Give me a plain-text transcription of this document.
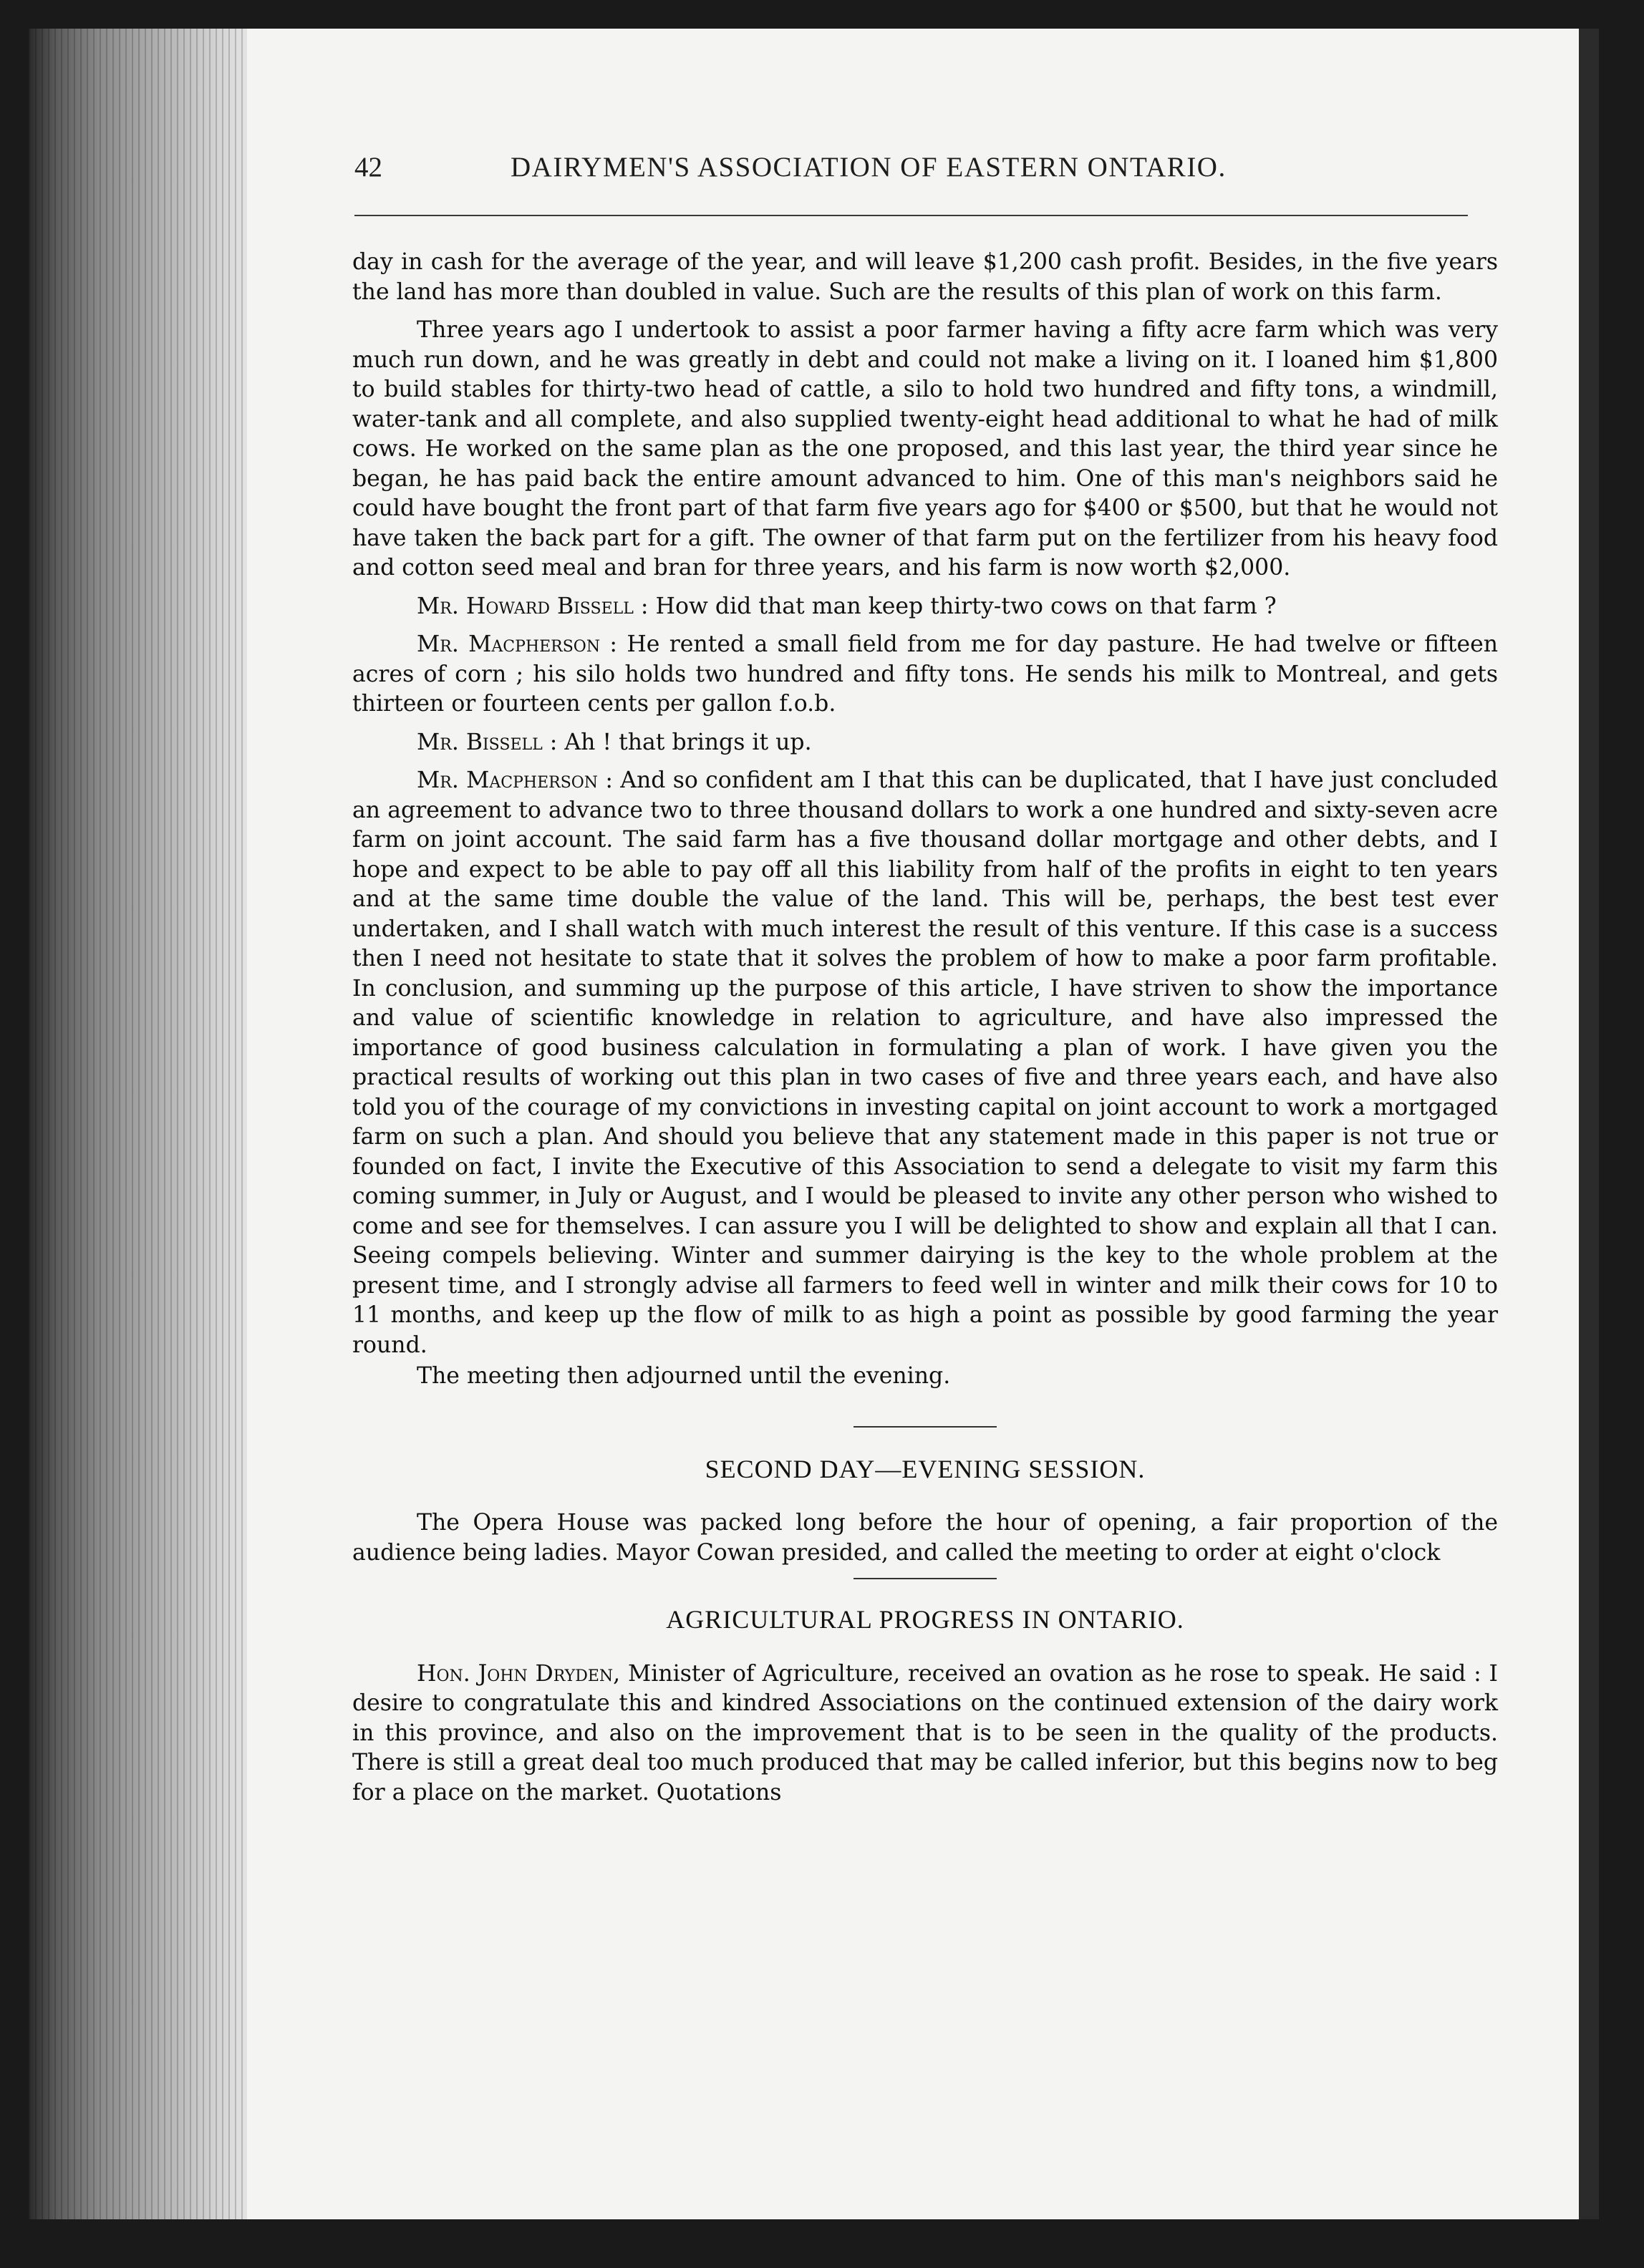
42	DAIRYMEN'S ASSOCIATION OF EASTERN ONTARIO.

day in cash for the average of the year, and will leave $1,200 cash profit. Besides, in the five years the land has more than doubled in value. Such are the results of this plan of work on this farm.

Three years ago I undertook to assist a poor farmer having a fifty acre farm which was very much run down, and he was greatly in debt and could not make a living on it. I loaned him $1,800 to build stables for thirty-two head of cattle, a silo to hold two hundred and fifty tons, a windmill, water-tank and all complete, and also supplied twenty-eight head additional to what he had of milk cows. He worked on the same plan as the one proposed, and this last year, the third year since he began, he has paid back the entire amount advanced to him. One of this man's neighbors said he could have bought the front part of that farm five years ago for $400 or $500, but that he would not have taken the back part for a gift. The owner of that farm put on the fertilizer from his heavy food and cotton seed meal and bran for three years, and his farm is now worth $2,000.

Mr. Howard Bissell : How did that man keep thirty-two cows on that farm ?

Mr. Macpherson : He rented a small field from me for day pasture. He had twelve or fifteen acres of corn ; his silo holds two hundred and fifty tons. He sends his milk to Montreal, and gets thirteen or fourteen cents per gallon f.o.b.

Mr. Bissell : Ah ! that brings it up.

Mr. Macpherson : And so confident am I that this can be duplicated, that I have just concluded an agreement to advance two to three thousand dollars to work a one hundred and sixty-seven acre farm on joint account. The said farm has a five thousand dollar mortgage and other debts, and I hope and expect to be able to pay off all this liability from half of the profits in eight to ten years and at the same time double the value of the land. This will be, perhaps, the best test ever undertaken, and I shall watch with much interest the result of this venture. If this case is a success then I need not hesitate to state that it solves the problem of how to make a poor farm profitable. In conclusion, and summing up the purpose of this article, I have striven to show the importance and value of scientific knowledge in relation to agriculture, and have also impressed the importance of good business calculation in formulating a plan of work. I have given you the practical results of working out this plan in two cases of five and three years each, and have also told you of the courage of my convictions in investing capital on joint account to work a mortgaged farm on such a plan. And should you believe that any statement made in this paper is not true or founded on fact, I invite the Executive of this Association to send a delegate to visit my farm this coming summer, in July or August, and I would be pleased to invite any other person who wished to come and see for themselves. I can assure you I will be delighted to show and explain all that I can. Seeing compels believing. Winter and summer dairying is the key to the whole problem at the present time, and I strongly advise all farmers to feed well in winter and milk their cows for 10 to 11 months, and keep up the flow of milk to as high a point as possible by good farming the year round.

The meeting then adjourned until the evening.

SECOND DAY—EVENING SESSION.

The Opera House was packed long before the hour of opening, a fair proportion of the audience being ladies. Mayor Cowan presided, and called the meeting to order at eight o'clock

AGRICULTURAL PROGRESS IN ONTARIO.

Hon. John Dryden, Minister of Agriculture, received an ovation as he rose to speak. He said : I desire to congratulate this and kindred Associations on the continued extension of the dairy work in this province, and also on the improvement that is to be seen in the quality of the products. There is still a great deal too much produced that may be called inferior, but this begins now to beg for a place on the market. Quotations
